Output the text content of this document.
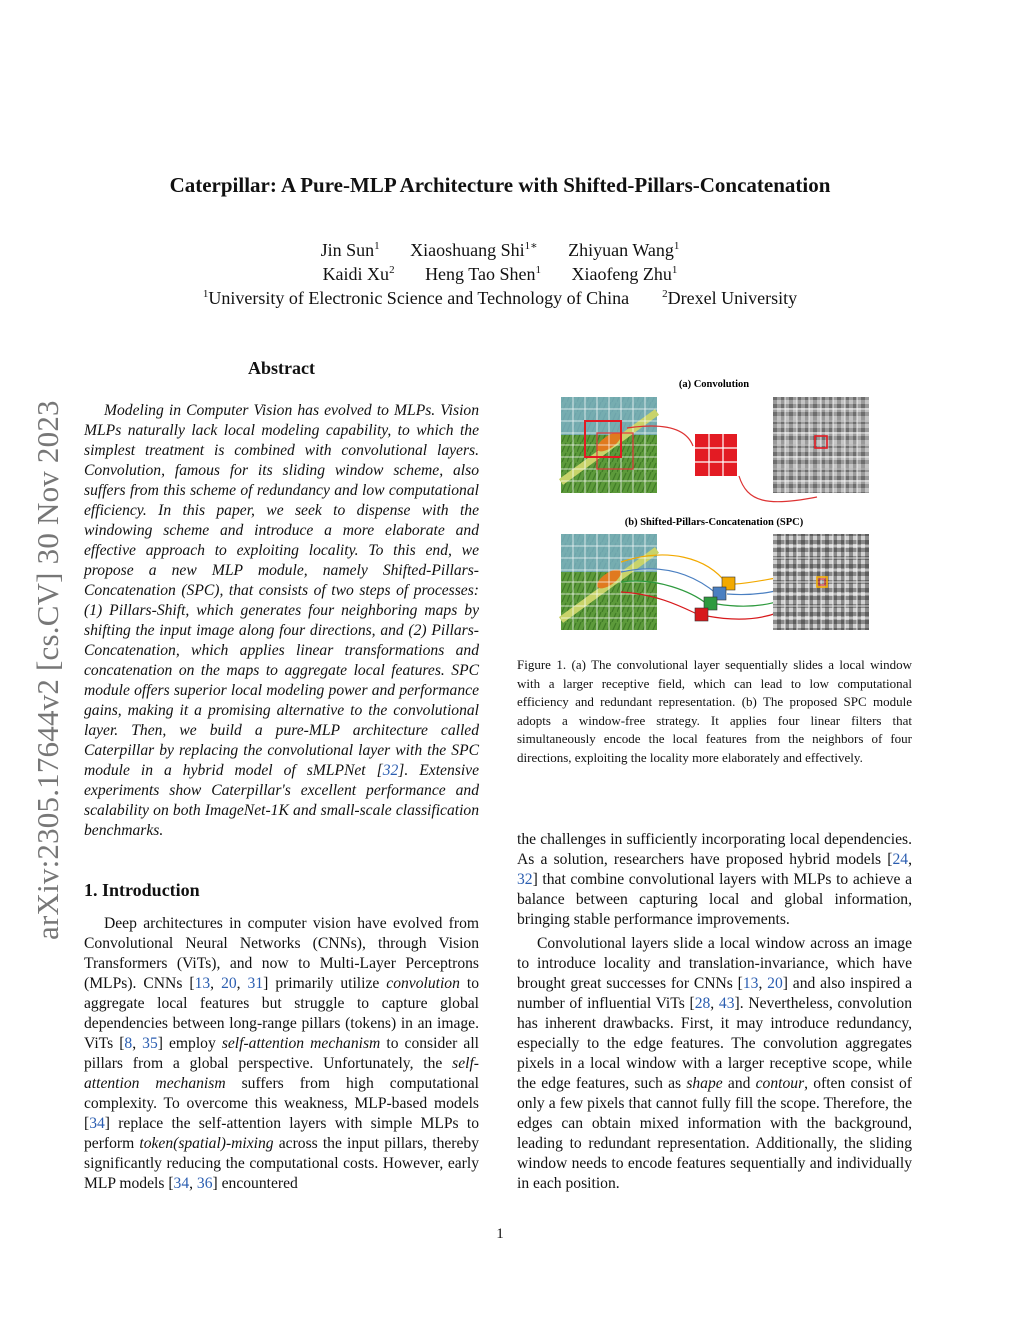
Caterpillar: A Pure-MLP Architecture with Shifted-Pillars-Concatenation
Jin Sun$^1$ Xiaoshuang Shi$^{1∗}$ Zhiyuan Wang$^1$
Kaidi Xu$^2$ Heng Tao Shen$^1$ Xiaofeng Zhu$^1$
$^1$University of Electronic Science and Technology of China	$^2$Drexel University
arXiv:2305.17644v2 [cs.CV] 30 Nov 2023
Abstract
Modeling in Computer Vision has evolved to MLPs. Vision MLPs naturally lack local modeling capability, to which the simplest treatment is combined with convolutional layers. Convolution, famous for its sliding window scheme, also suffers from this scheme of redundancy and low computational efficiency. In this paper, we seek to dispense with the windowing scheme and introduce a more elaborate and effective approach to exploiting locality. To this end, we propose a new MLP module, namely Shifted-Pillars-Concatenation (SPC), that consists of two steps of processes: (1) Pillars-Shift, which generates four neighboring maps by shifting the input image along four directions, and (2) Pillars-Concatenation, which applies linear transformations and concatenation on the maps to aggregate local features. SPC module offers superior local modeling power and performance gains, making it a promising alternative to the convolutional layer. Then, we build a pure-MLP architecture called Caterpillar by replacing the convolutional layer with the SPC module in a hybrid model of sMLPNet [32]. Extensive experiments show Caterpillar's excellent performance and scalability on both ImageNet-1K and small-scale classification benchmarks.
1. Introduction
Deep architectures in computer vision have evolved from Convolutional Neural Networks (CNNs), through Vision Transformers (ViTs), and now to Multi-Layer Perceptrons (MLPs). CNNs [13, 20, 31] primarily utilize convolution to aggregate local features but struggle to capture global dependencies between long-range pillars (tokens) in an image. ViTs [8, 35] employ self-attention mechanism to consider all pillars from a global perspective. Unfortunately, the self-attention mechanism suffers from high computational complexity. To overcome this weakness, MLP-based models [34] replace the self-attention layers with simple MLPs to perform token(spatial)-mixing across the input pillars, thereby significantly reducing the computational costs. However, early MLP models [34, 36] encountered
(a) Convolution
(b) Shifted-Pillars-Concatenation (SPC)
Figure 1. (a) The convolutional layer sequentially slides a local window with a larger receptive field, which can lead to low computational efficiency and redundant representation. (b) The proposed SPC module adopts a window-free strategy. It applies four linear filters that simultaneously encode the local features from the neighbors of four directions, exploiting the locality more elaborately and effectively.
the challenges in sufficiently incorporating local dependencies. As a solution, researchers have proposed hybrid models [24, 32] that combine convolutional layers with MLPs to achieve a balance between capturing local and global information, bringing stable performance improvements.
Convolutional layers slide a local window across an image to introduce locality and translation-invariance, which have brought great successes for CNNs [13, 20] and also inspired a number of influential ViTs [28, 43]. Nevertheless, convolution has inherent drawbacks. First, it may introduce redundancy, especially to the edge features. The convolution aggregates pixels in a local window with a larger receptive scope, while the edge features, such as shape and contour, often consist of only a few pixels that cannot fully fill the scope. Therefore, the edges can obtain mixed information with the background, leading to redundant representation. Additionally, the sliding window needs to encode features sequentially and individually in each position.
1
